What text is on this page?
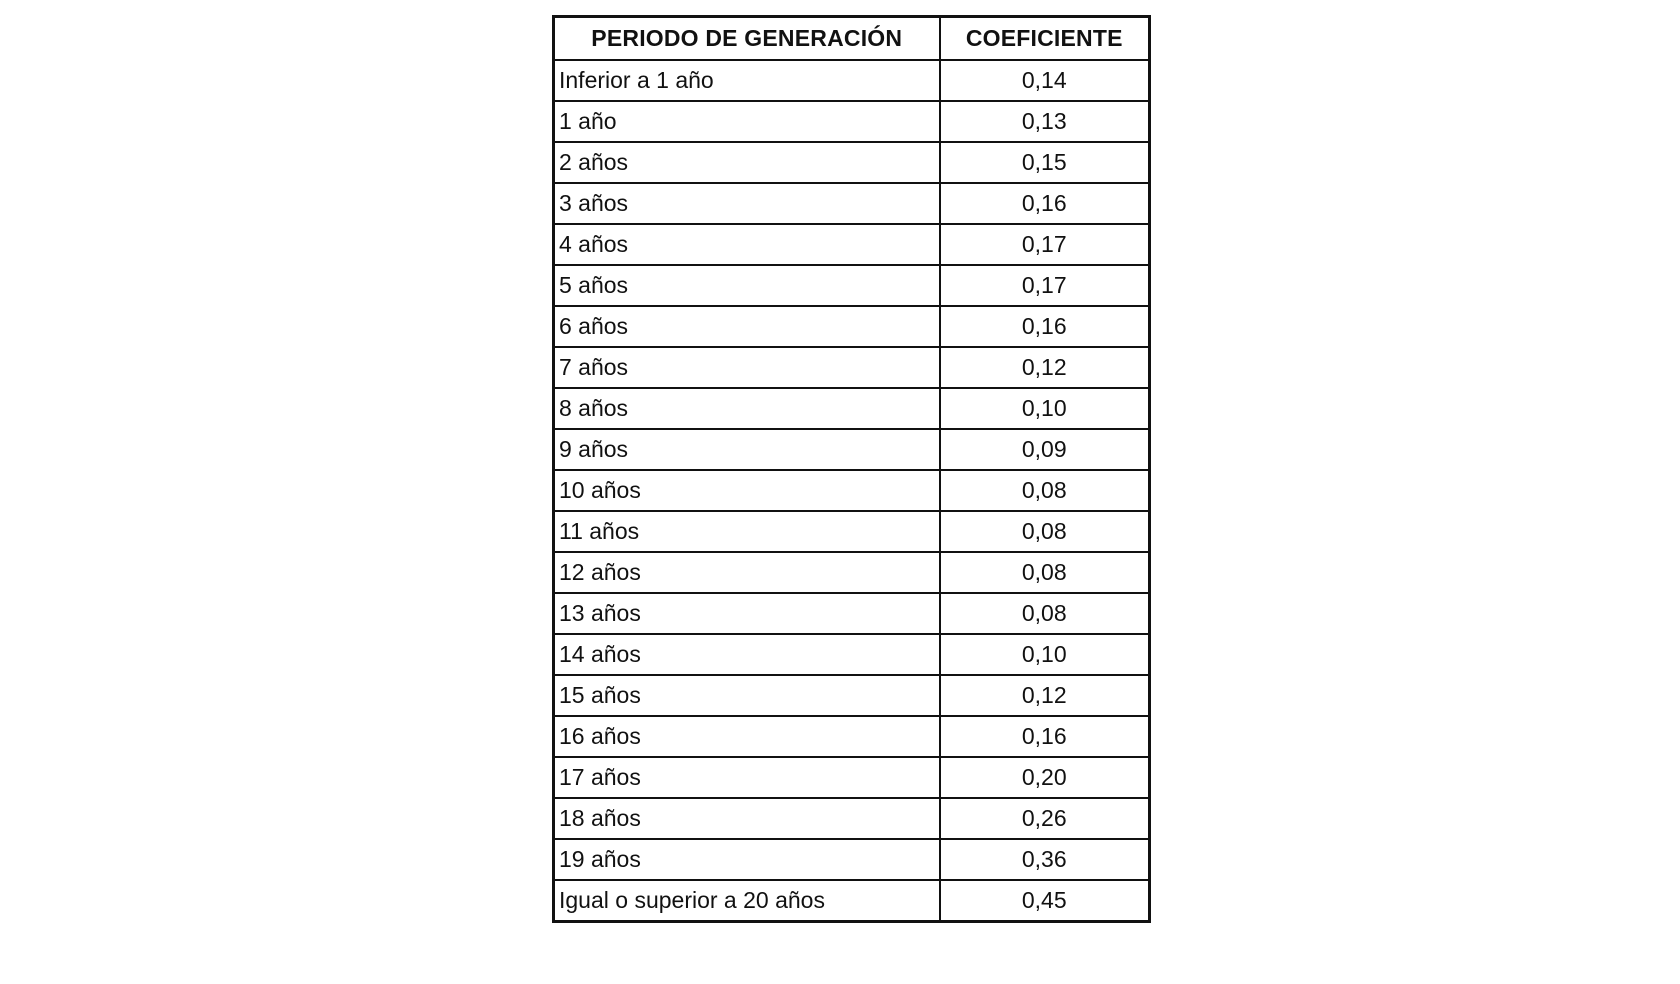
PERIODO DE GENERACIÓN	COEFICIENTE
Inferior a 1 año	0,14
1 año	0,13
2 años	0,15
3 años	0,16
4 años	0,17
5 años	0,17
6 años	0,16
7 años	0,12
8 años	0,10
9 años	0,09
10 años	0,08
11 años	0,08
12 años	0,08
13 años	0,08
14 años	0,10
15 años	0,12
16 años	0,16
17 años	0,20
18 años	0,26
19 años	0,36
Igual o superior a 20 años	0,45
